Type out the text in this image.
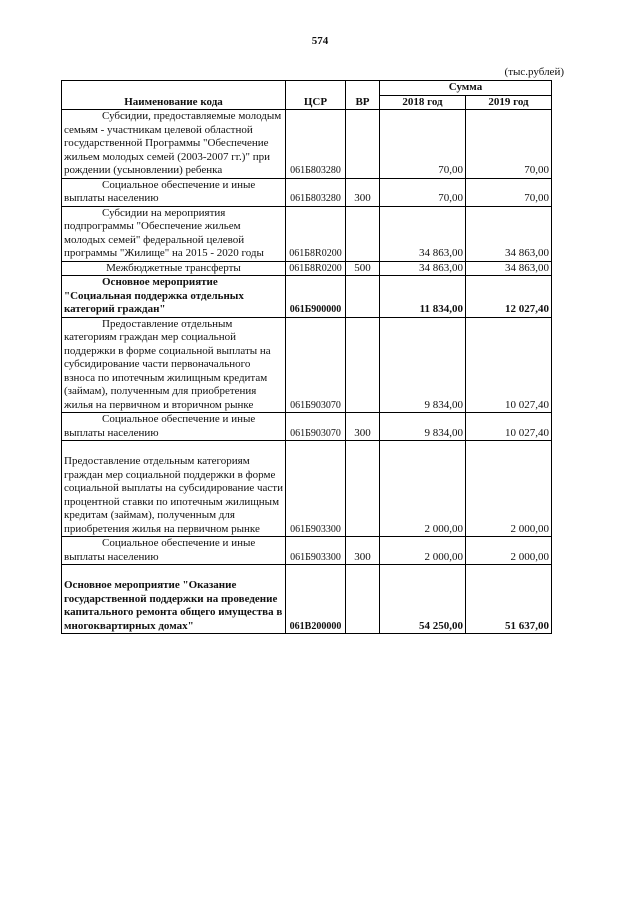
574
(тыс.рублей)
Наименование кода	ЦСР	ВР	Сумма	
			2018 год	2019 год
Субсидии, предоставляемые молодым семьям - участникам целевой областной государственной Программы "Обеспечение жильем молодых семей (2003-2007 гг.)" при рождении (усыновлении) ребенка	061Б803280		70,00	70,00
Социальное обеспечение и иные выплаты населению	061Б803280	300	70,00	70,00
Субсидии на мероприятия подпрограммы "Обеспечение жильем молодых семей" федеральной целевой программы "Жилище" на 2015 - 2020 годы	061Б8R0200		34 863,00	34 863,00
Межбюджетные трансферты	061Б8R0200	500	34 863,00	34 863,00
Основное мероприятие "Социальная поддержка отдельных категорий граждан"	061Б900000		11 834,00	12 027,40
Предоставление отдельным категориям граждан мер социальной поддержки в форме социальной выплаты на субсидирование части первоначального взноса по ипотечным жилищным кредитам (займам), полученным для приобретения жилья на первичном и вторичном рынке	061Б903070		9 834,00	10 027,40
Социальное обеспечение и иные выплаты населению	061Б903070	300	9 834,00	10 027,40

Предоставление отдельным категориям граждан мер социальной поддержки в форме социальной выплаты на субсидирование части процентной ставки по ипотечным жилищным кредитам (займам), полученным для приобретения жилья на первичном рынке	061Б903300		2 000,00	2 000,00
Социальное обеспечение и иные выплаты населению	061Б903300	300	2 000,00	2 000,00

Основное мероприятие "Оказание государственной поддержки на проведение капитального ремонта общего имущества в многоквартирных домах"	061В200000		54 250,00	51 637,00
